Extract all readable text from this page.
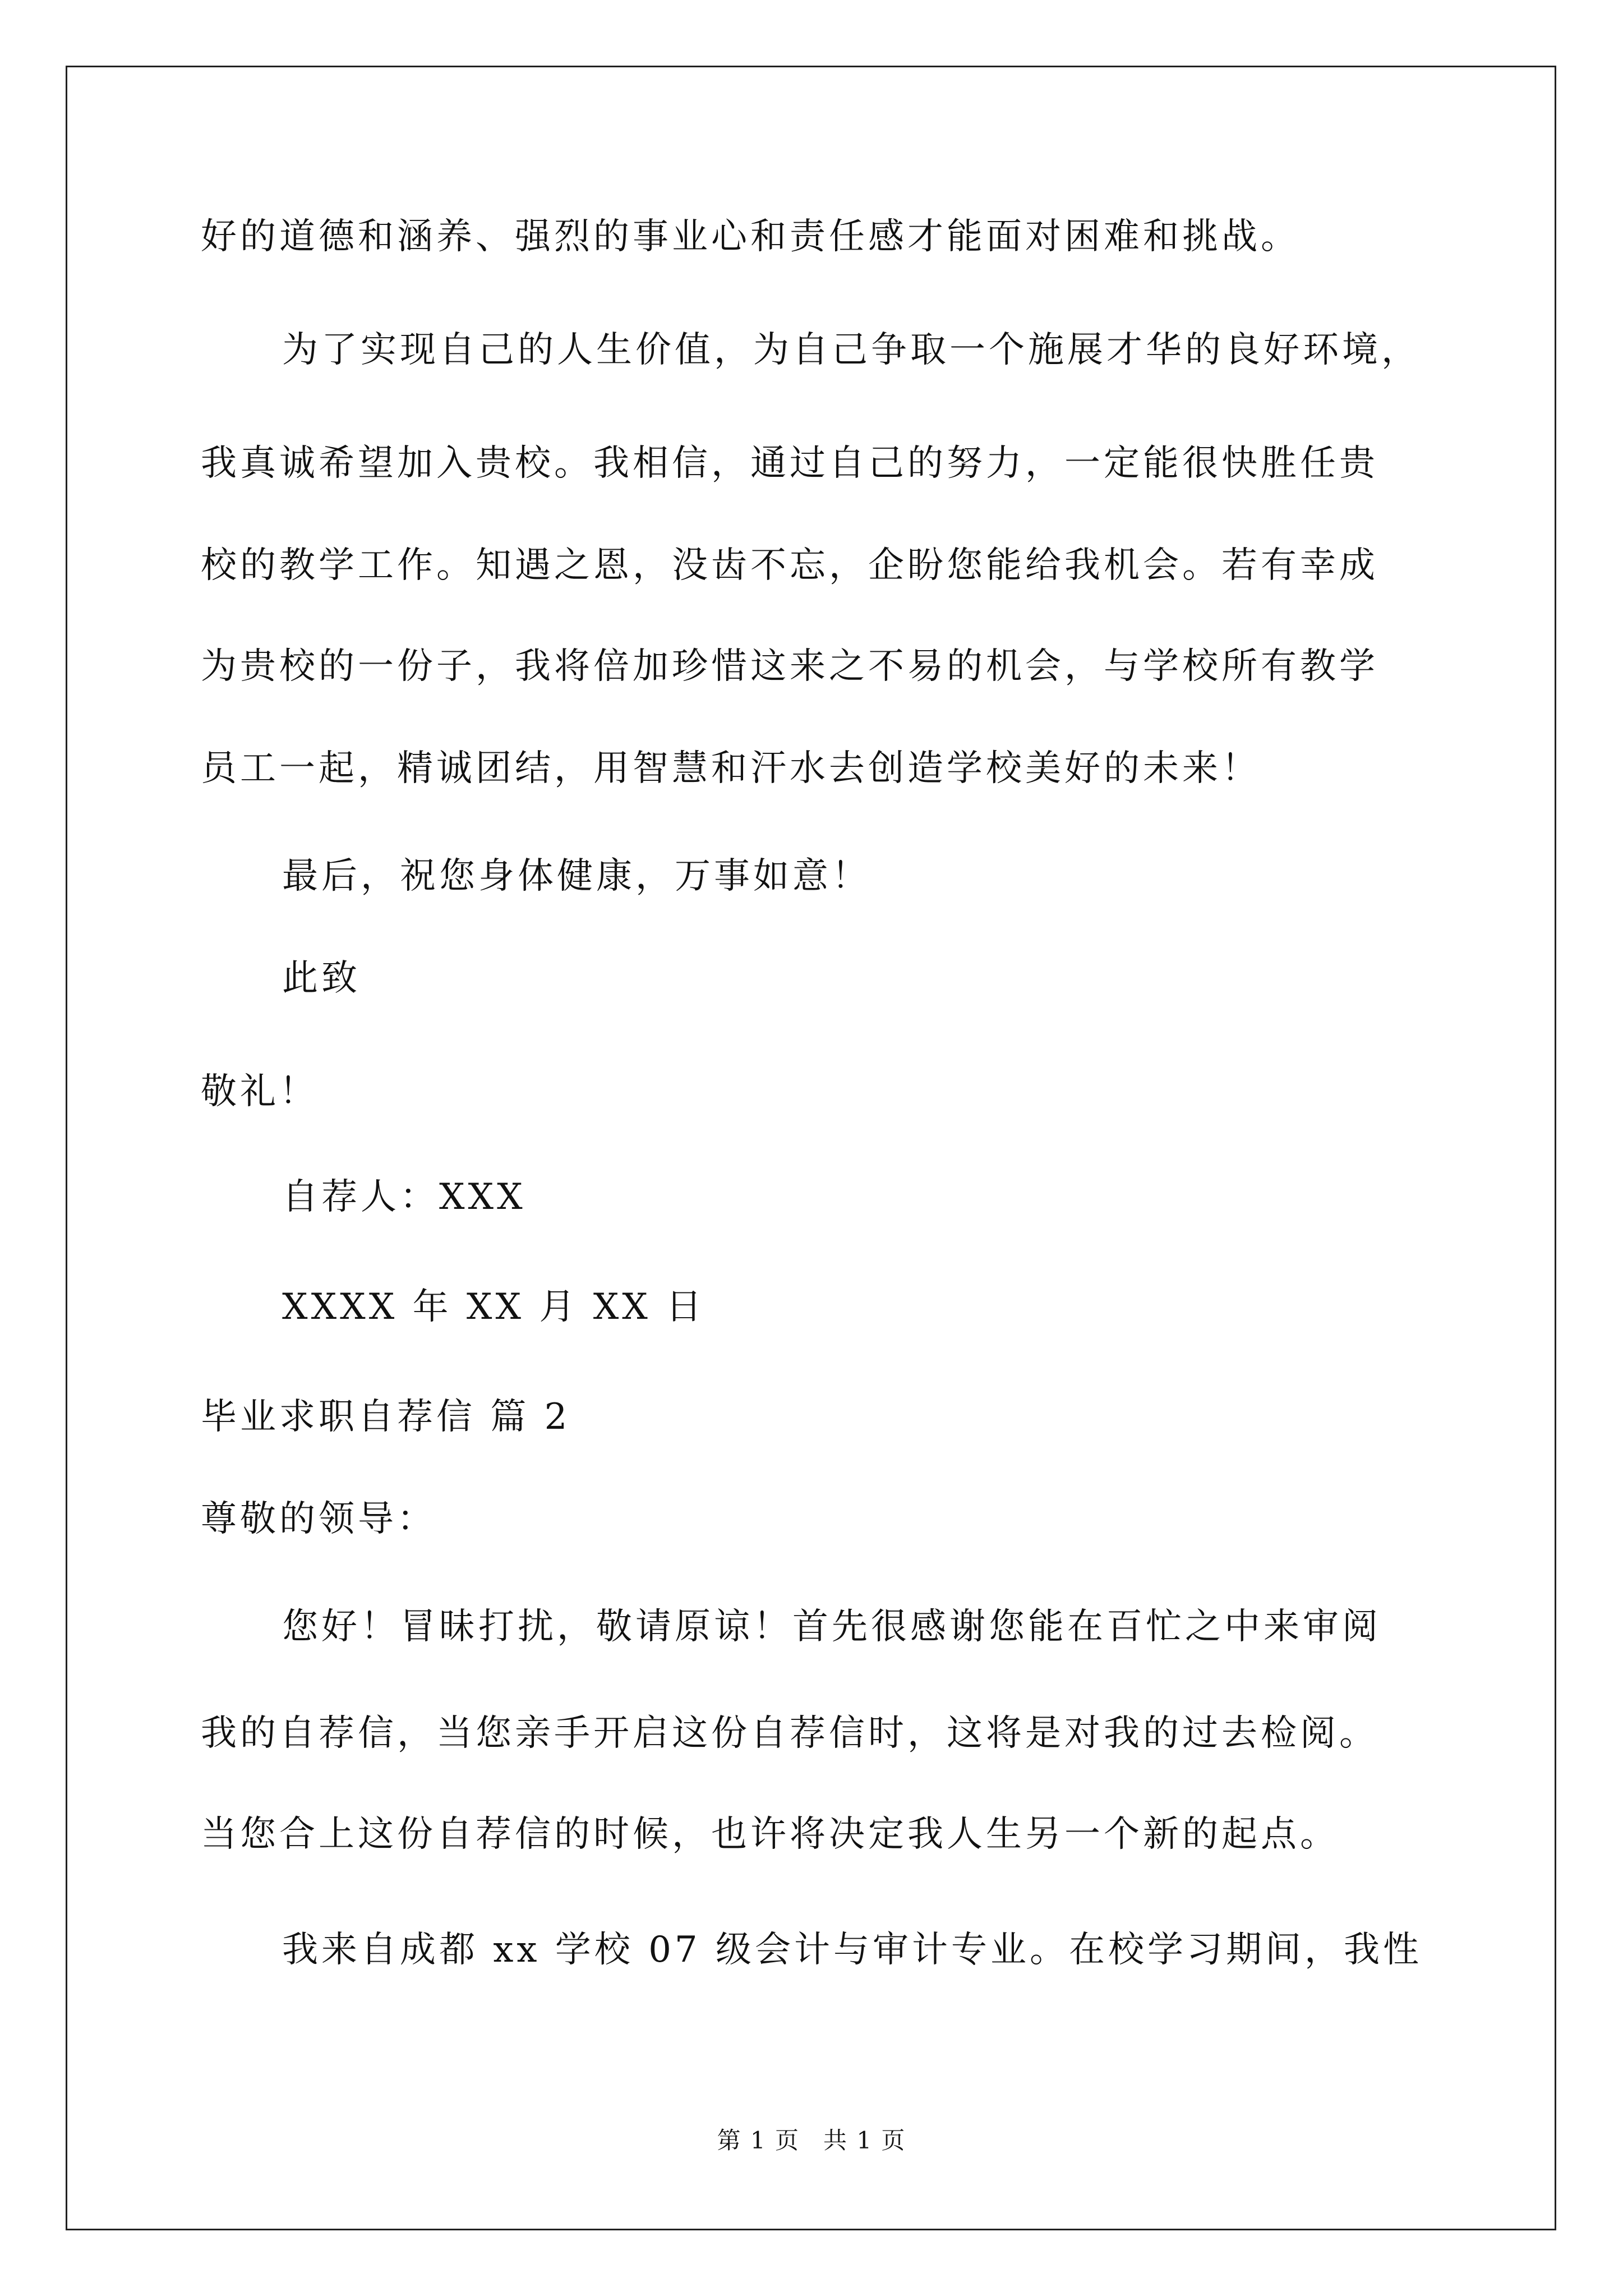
好的道德和涵养、强烈的事业心和责任感才能面对困难和挑战。
为了实现自己的人生价值，为自己争取一个施展才华的良好环境，
我真诚希望加入贵校。我相信，通过自己的努力，一定能很快胜任贵
校的教学工作。知遇之恩，没齿不忘，企盼您能给我机会。若有幸成
为贵校的一份子，我将倍加珍惜这来之不易的机会，与学校所有教学
员工一起，精诚团结，用智慧和汗水去创造学校美好的未来！
最后，祝您身体健康，万事如意！
此致
敬礼！
自荐人：XXX
XXXX 年 XX 月 XX 日
毕业求职自荐信 篇 2
尊敬的领导：
您好！冒昧打扰，敬请原谅！首先很感谢您能在百忙之中来审阅
我的自荐信，当您亲手开启这份自荐信时，这将是对我的过去检阅。
当您合上这份自荐信的时候，也许将决定我人生另一个新的起点。
我来自成都 xx 学校 07 级会计与审计专业。在校学习期间，我性
第 1 页 共 1 页
